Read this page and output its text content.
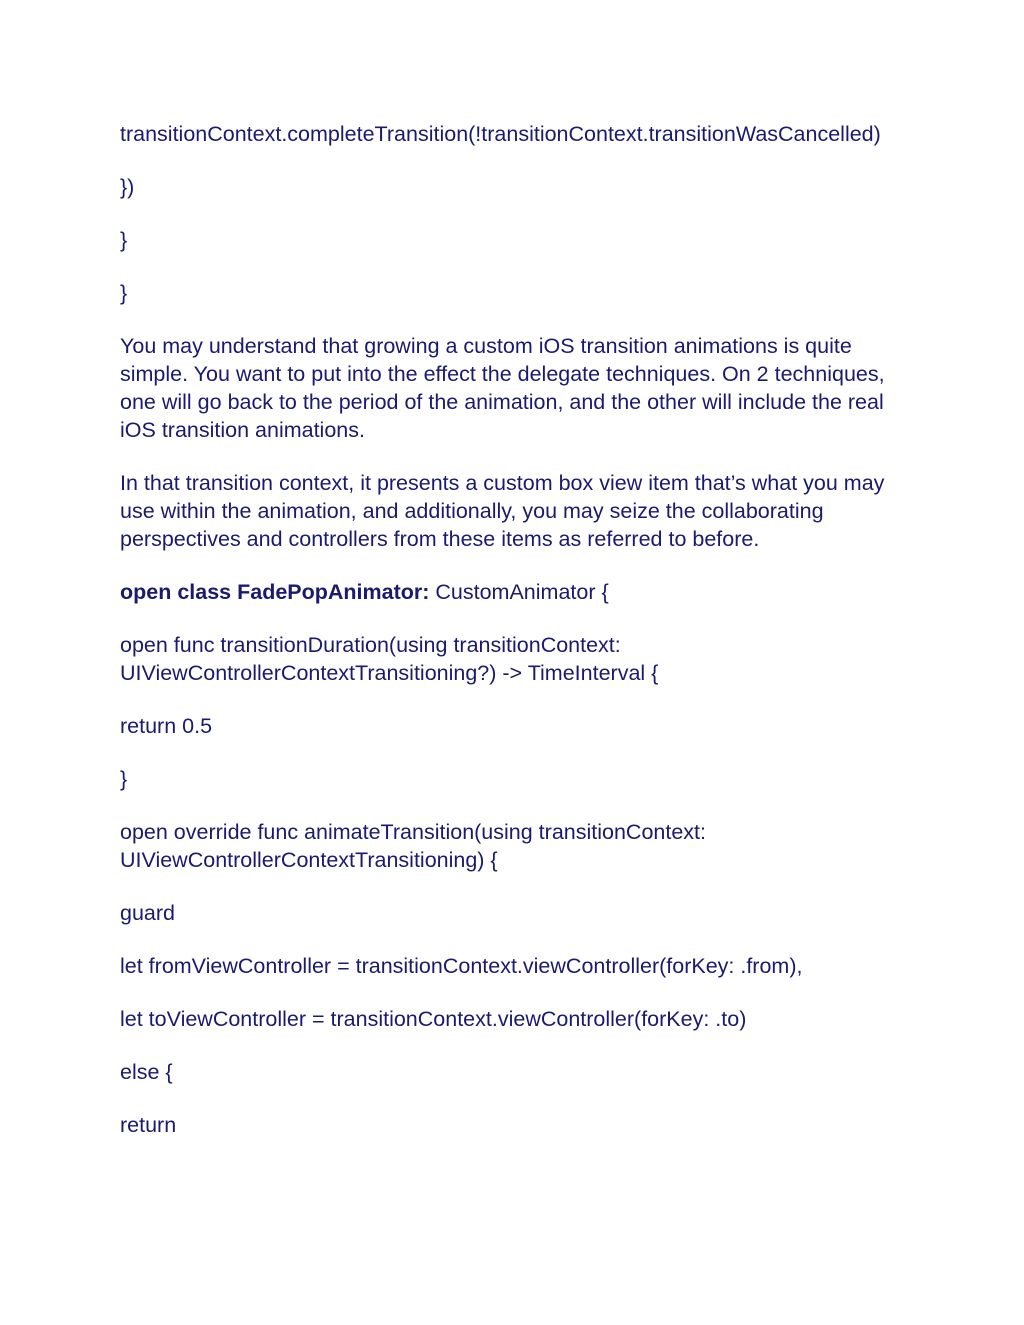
transitionContext.completeTransition(!transitionContext.transitionWasCancelled)

})

}

}

You may understand that growing a custom iOS transition animations is quite simple. You want to put into the effect the delegate techniques. On 2 techniques, one will go back to the period of the animation, and the other will include the real iOS transition animations.

In that transition context, it presents a custom box view item that’s what you may use within the animation, and additionally, you may seize the collaborating perspectives and controllers from these items as referred to before.

open class FadePopAnimator: CustomAnimator {

open func transitionDuration(using transitionContext: UIViewControllerContextTransitioning?) -> TimeInterval {

return 0.5

}

open override func animateTransition(using transitionContext: UIViewControllerContextTransitioning) {

guard

let fromViewController = transitionContext.viewController(forKey: .from),

let toViewController = transitionContext.viewController(forKey: .to)

else {

return
